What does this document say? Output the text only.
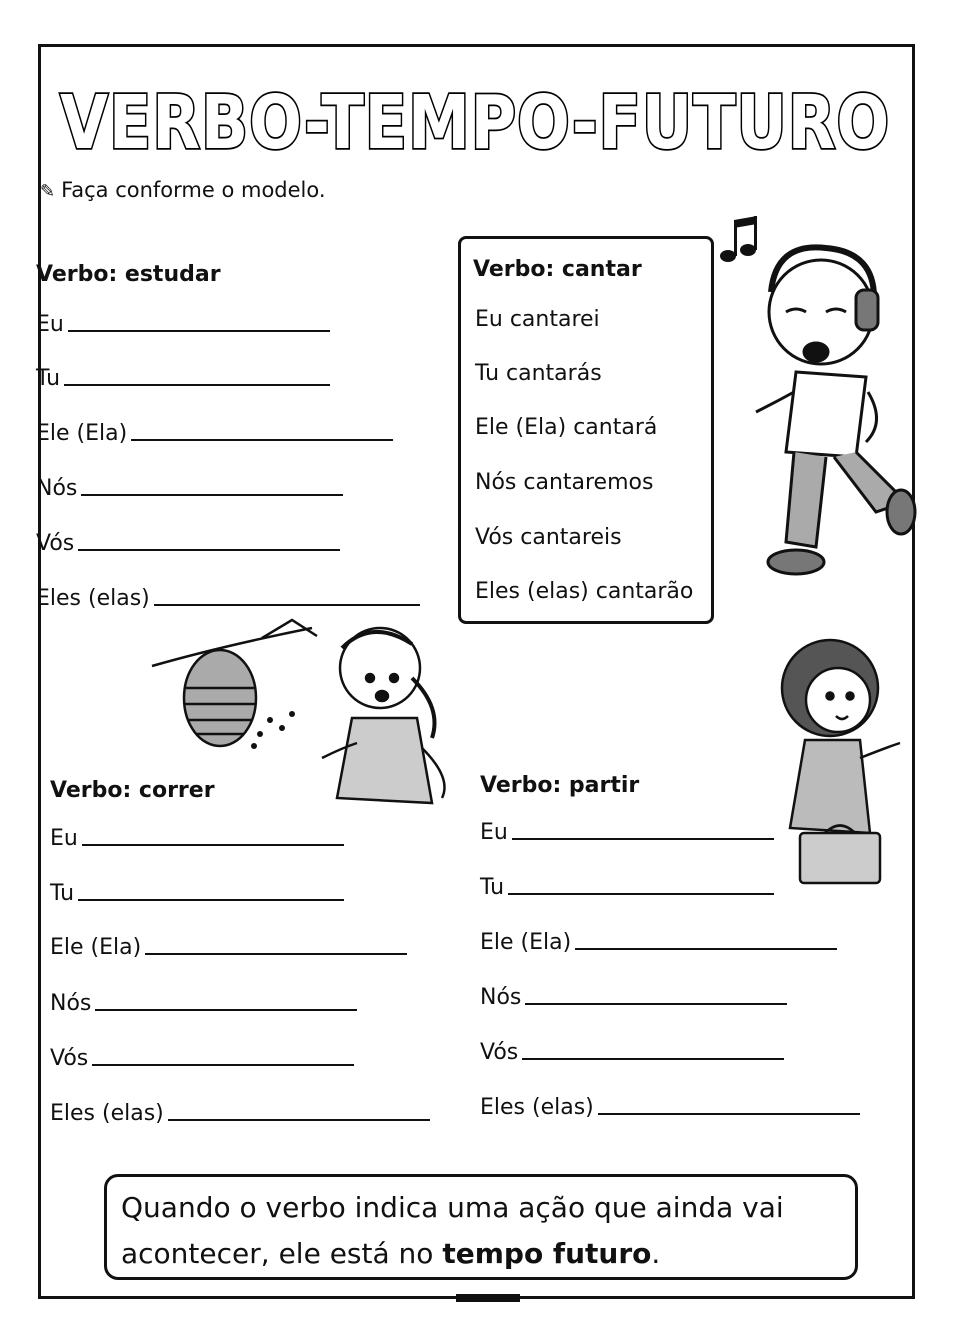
VERBO-TEMPO-FUTURO
✎ Faça conforme o modelo.
Verbo: estudar
Eu
Tu
Ele (Ela)
Nós
Vós
Eles (elas)
Verbo: cantar
Eu cantarei
Tu cantarás
Ele (Ela) cantará
Nós cantaremos
Vós cantareis
Eles (elas) cantarão
Verbo: correr
Eu
Tu
Ele (Ela)
Nós
Vós
Eles (elas)
Verbo: partir
Eu
Tu
Ele (Ela)
Nós
Vós
Eles (elas)
Quando o verbo indica uma ação que ainda vai acontecer, ele está no tempo futuro.
